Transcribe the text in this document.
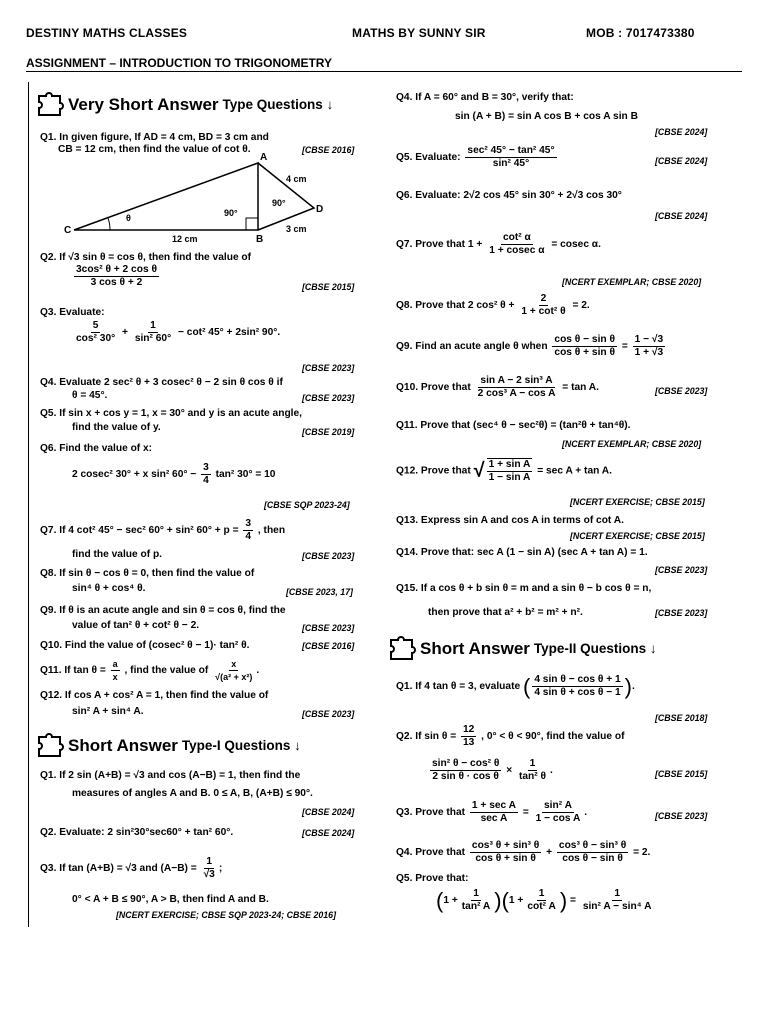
DESTINY MATHS CLASSES	MATHS BY SUNNY SIR	MOB : 7017473380
ASSIGNMENT – INTRODUCTION TO TRIGONOMETRY
Very Short Answer Type Questions ↓
Q1. In given figure, If AD = 4 cm, BD = 3 cm and
CB = 12 cm, then find the value of cot θ.	[CBSE 2016]
A
B
C
D
4 cm
3 cm
12 cm
θ	90°
90°
Q2. If √3 sin θ = cos θ, then find the value of
$\frac{\text{3cos² θ + 2 cos θ}}{\text{3 cos θ + 2}}$	[CBSE 2015]
Q3. Evaluate:
$\frac{5}{\text{cos² 30°}} + \frac{1}{\text{sin² 60°}} - \cot^2$ 45° + 2sin² 90°.
[CBSE 2023]
Q4. Evaluate 2 sec² θ + 3 cosec² θ − 2 sin θ cos θ if
θ = 45°.	[CBSE 2023]
Q5. If sin x + cos y = 1, x = 30° and y is an acute angle,
find the value of y.	[CBSE 2019]
Q6. Find the value of x:
2 cosec² 30° + x sin² $60^\circ - \frac{3}{4} \tan^2$ 30° = 10
[CBSE SQP 2023-24]
Q7. If 4 cot² 45° − sec² 60° + sin² $60^\circ + p = \frac{3}{4}$ , then
find the value of p.	[CBSE 2023]
Q8. If sin θ − cos θ = 0, then find the value of
sin⁴ θ + cos⁴ θ.	[CBSE 2023, 17]
Q9. If θ is an acute angle and sin θ = cos θ, find the
value of tan² θ + cot² θ − 2.	[CBSE 2023]
Q10. Find the value of (cosec² θ − 1)· tan² θ.	[CBSE 2016]
Q11. If $\tan \theta = \frac{a}{x}$ , find the value of $\frac{x}{\text{√(a² + x²)}}$ .
Q12. If cos A + cos² A = 1, then find the value of
sin² A + sin⁴ A.	[CBSE 2023]
Short Answer Type-I Questions ↓
Q1. If 2 sin (A+B) = √3 and cos (A−B) = 1, then find the
measures of angles A and B. 0 ≤ A, B, (A+B) ≤ 90°.
[CBSE 2024]
Q2. Evaluate: 2 sin²30°sec60° + tan² 60°.	[CBSE 2024]
Q3. If tan (A+B) = √3 and $(A-B) = \frac{1}{√3}$ ;
0° < A + B ≤ 90°, A > B, then find A and B.
[NCERT EXERCISE; CBSE SQP 2023-24; CBSE 2016]
Q4. If A = 60° and B = 30°, verify that:
sin (A + B) = sin A cos B + cos A sin B
[CBSE 2024]
Q5. Evaluate: $\frac{\text{sec² 45° − tan² 45°}}{\text{sin² 45°}}$	[CBSE 2024]
Q6. Evaluate: 2√2 cos 45° sin 30° + 2√3 cos 30°
[CBSE 2024]
Q7. Prove that $1 + \frac{\text{cot² α}}{\text{1 + cosec α}} = cosec$ α.
[NCERT EXEMPLAR; CBSE 2020]
Q8. Prove that 2 cos² $\theta + \frac{2}{\text{1 + cot² θ}} = 2$.
Q9. Find an acute angle θ when $\frac{\text{cos θ − sin θ}}{\text{cos θ + sin θ}} = \frac{1 - √3}{1 + √3}$
Q10. Prove that $\frac{\text{sin A − 2 sin³ A}}{\text{2 cos³ A − cos A}} = \tan A$.	[CBSE 2023]
Q11. Prove that (sec⁴ θ − sec²θ) = (tan²θ + tan⁴θ).
[NCERT EXEMPLAR; CBSE 2020]
Q12. Prove that √ $\frac{\text{1 + sin A}}{\text{1 − sin A}} = \sec A + \tan A$.
[NCERT EXERCISE; CBSE 2015]
Q13. Express sin A and cos A in terms of cot A.
[NCERT EXERCISE; CBSE 2015]
Q14. Prove that: sec A (1 − sin A) (sec A + tan A) = 1.
[CBSE 2023]
Q15. If a cos θ + b sin θ = m and a sin θ − b cos θ = n,
then prove that a² + b² = m² + n².	[CBSE 2023]
Short Answer Type-II Questions ↓
Q1. If 4 tan θ = 3, evaluate ( $\frac{\text{4 sin θ − cos θ + 1}}{\text{4 sin θ + cos θ − 1}}$ ).
[CBSE 2018]
Q2. If $\sin \theta = \frac{12}{13}$ , 0° < θ < 90°, find the value of
$\frac{\text{sin² θ − cos² θ}}{\text{2 sin θ · cos θ}} \times \frac{1}{\text{tan² θ}}$ .	[CBSE 2015]
Q3. Prove that $\frac{\text{1 + sec A}}{\text{sec A}} = \frac{\text{sin² A}}{\text{1 − cos A}}$ .	[CBSE 2023]
Q4. Prove that $\frac{\text{cos³ θ + sin³ θ}}{\text{cos θ + sin θ}} + \frac{\text{cos³ θ − sin³ θ}}{\text{cos θ − sin θ}} = 2$.
Q5. Prove that:
$(1 + \frac{1}{\text{tan² A}} )(1 + \frac{1}{\text{cot² A}}$ ) = $\frac{1}{\text{sin² A − sin⁴ A}}$
